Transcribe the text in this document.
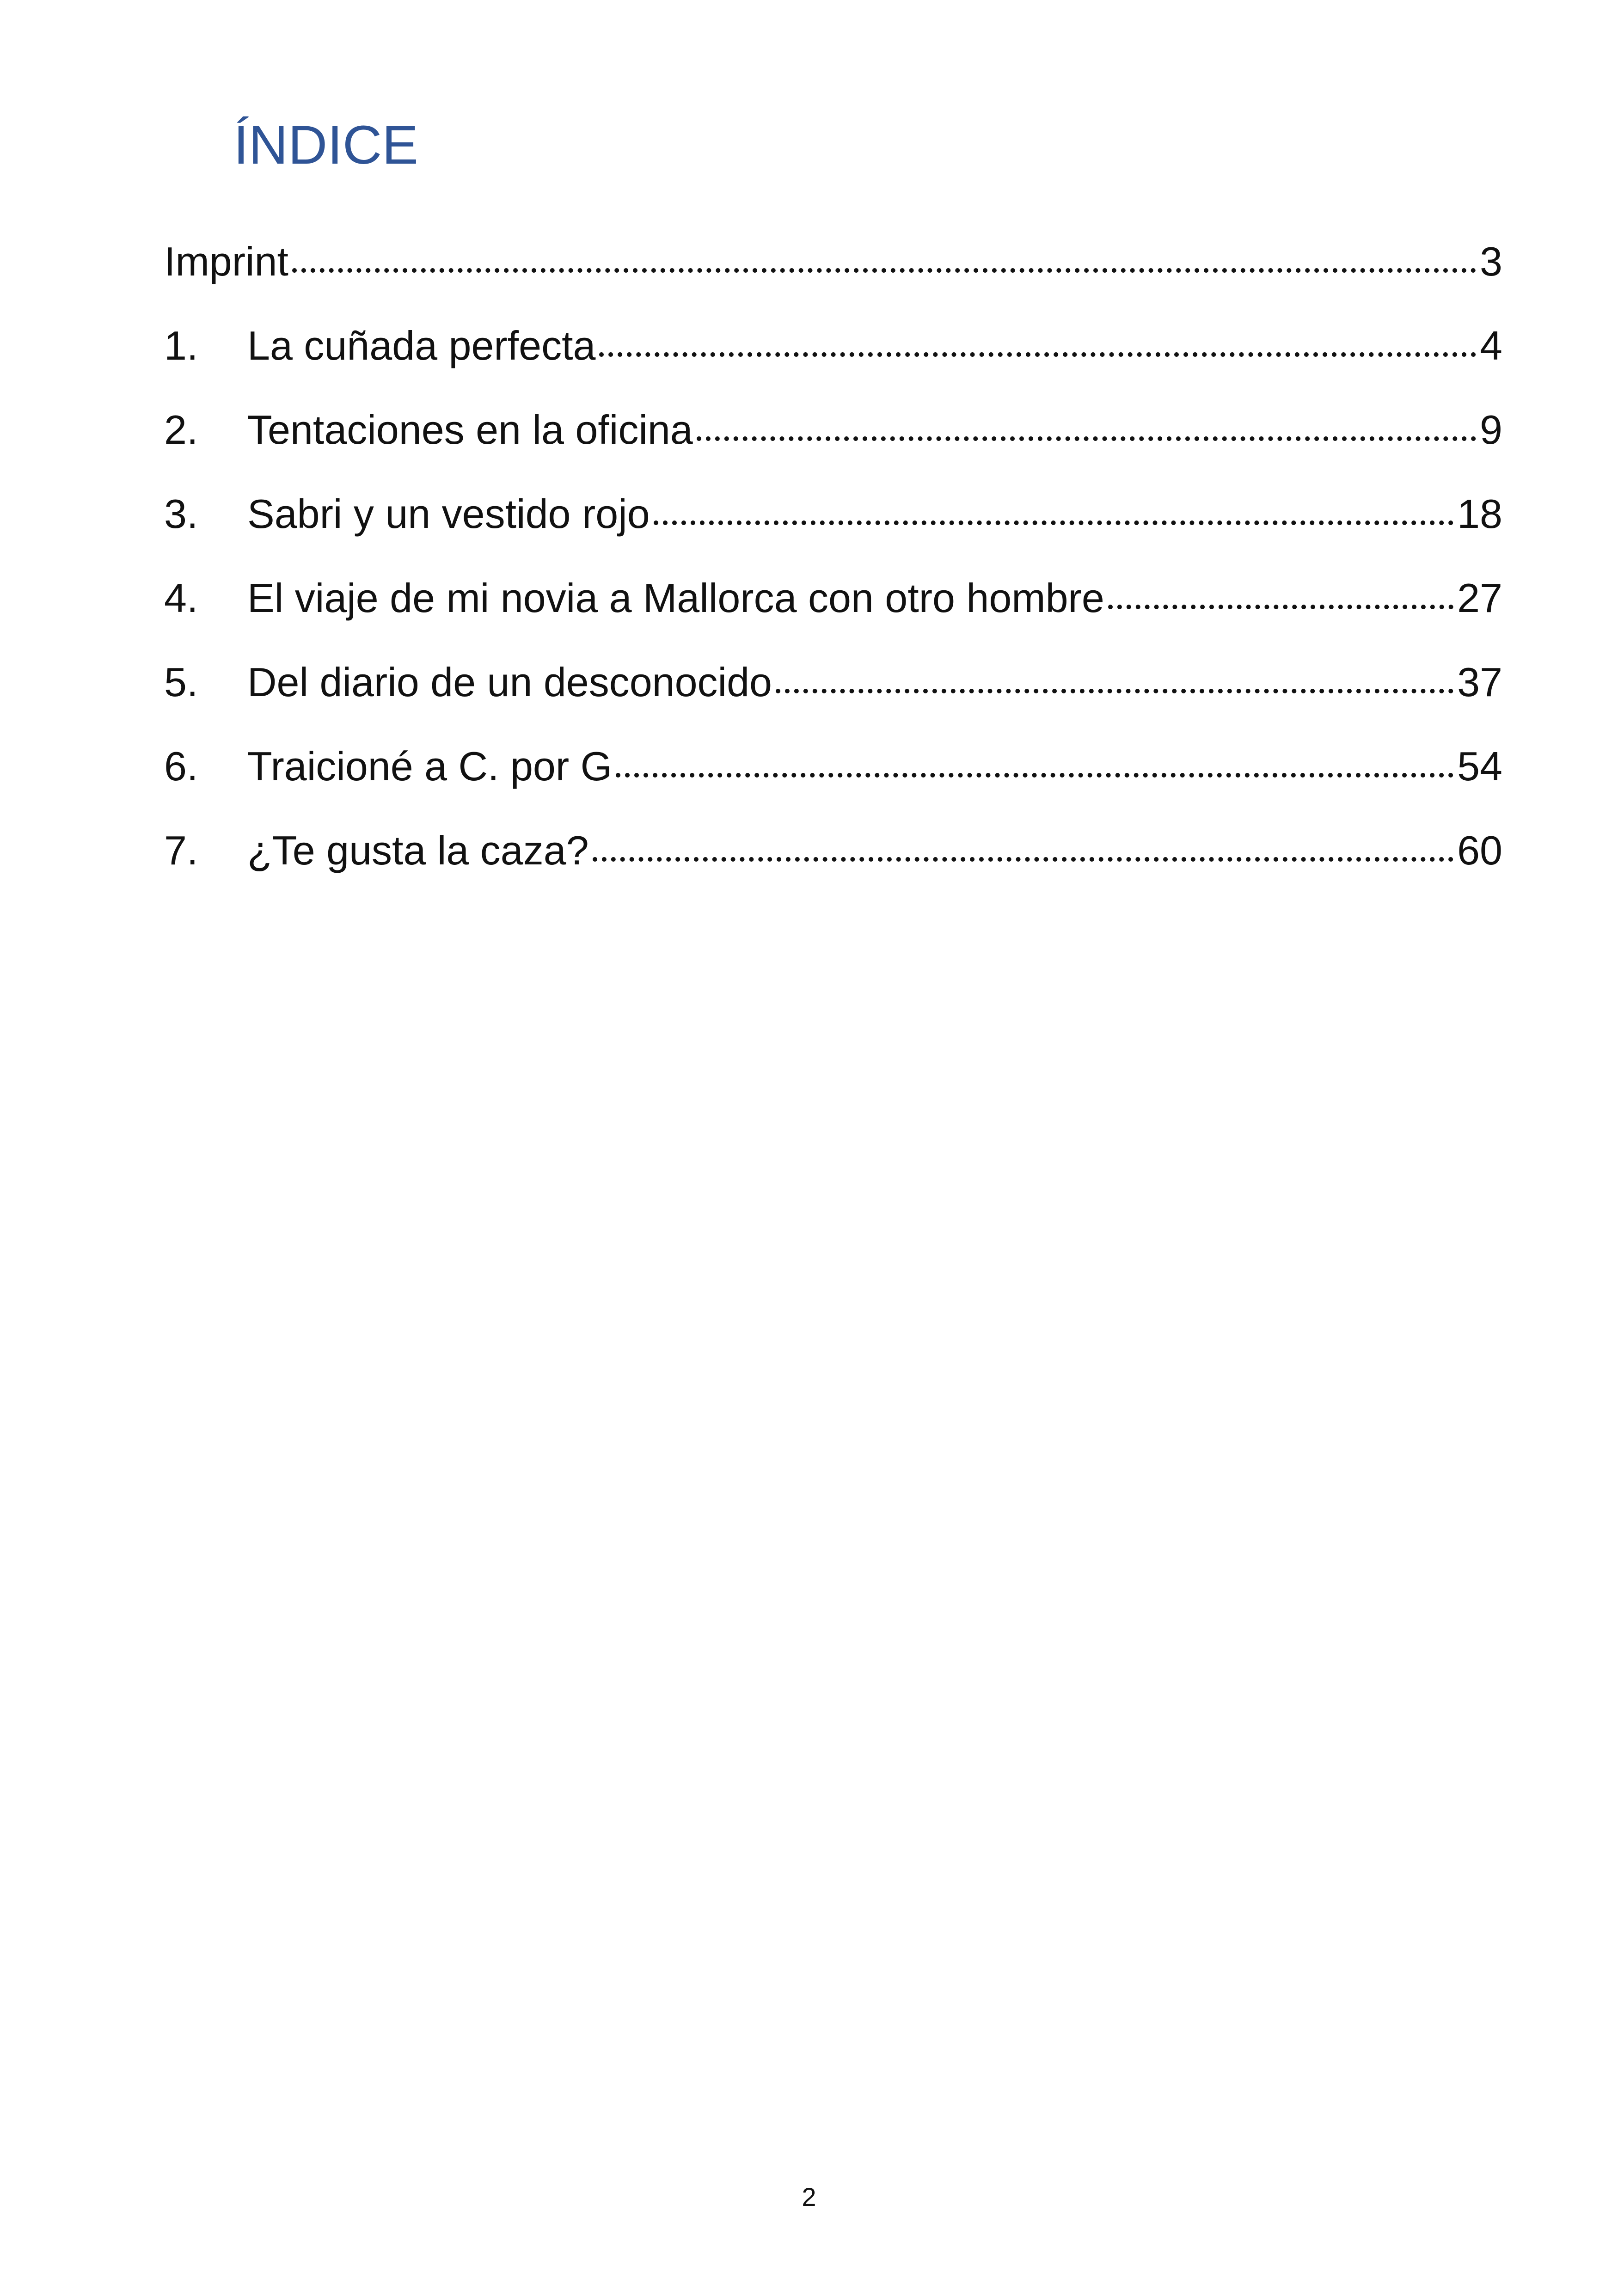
ÍNDICE
Imprint	3
1.	La cuñada perfecta	4
2.	Tentaciones en la oficina	9
3.	Sabri y un vestido rojo	18
4.	El viaje de mi novia a Mallorca con otro hombre	27
5.	Del diario de un desconocido	37
6.	Traicioné a C. por G	54
7.	¿Te gusta la caza?	60
2
